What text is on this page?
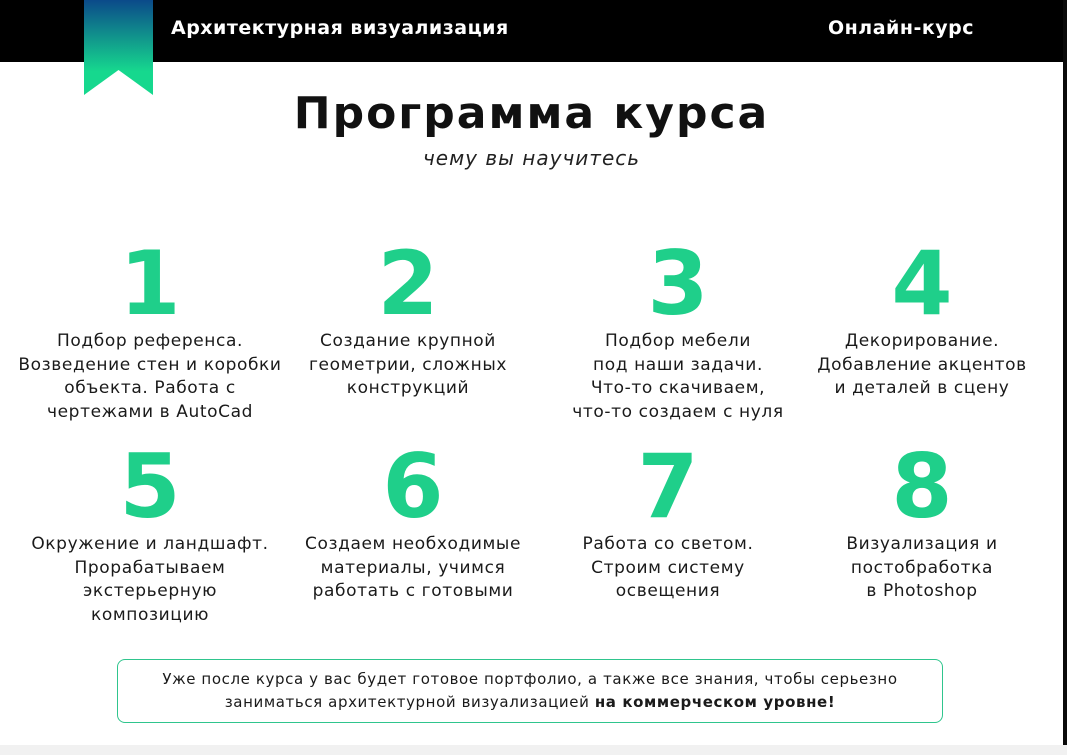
Архитектурная визуализация	Онлайн-курс
Программа курса
чему вы научитесь
1
Подбор референса.
Возведение стен и коробки
объекта. Работа с
чертежами в AutoCad
2
Создание крупной
геометрии, сложных
конструкций
3
Подбор мебели
под наши задачи.
Что-то скачиваем,
что-то создаем с нуля
4
Декорирование.
Добавление акцентов
и деталей в сцену
5
Окружение и ландшафт.
Прорабатываем
экстерьерную
композицию
6
Создаем необходимые
материалы, учимся
работать с готовыми
7
Работа со светом.
Строим систему
освещения
8
Визуализация и
постобработка
в Photoshop
Уже после курса у вас будет готовое портфолио, а также все знания, чтобы серьезно
заниматься архитектурной визуализацией на коммерческом уровне!
